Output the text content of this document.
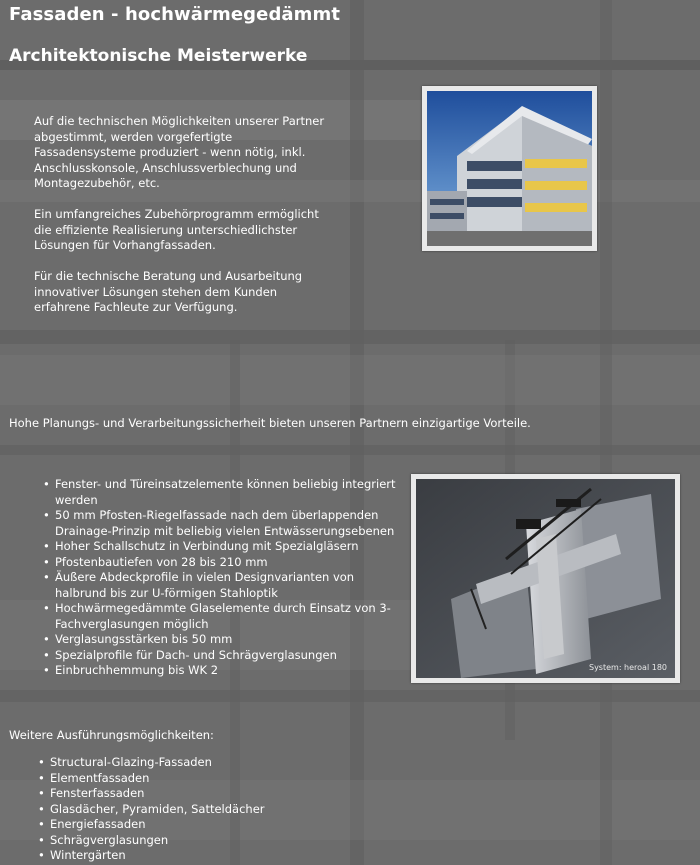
Fassaden - hochwärmegedämmt
Architektonische Meisterwerke

Auf die technischen Möglichkeiten unserer Partner abgestimmt, werden vorgefertigte Fassadensysteme produziert - wenn nötig, inkl. Anschlusskonsole, Anschlussverblechung und Montagezubehör, etc.

Ein umfangreiches Zubehörprogramm ermöglicht die effiziente Realisierung unterschiedlichster Lösungen für Vorhangfassaden.

Für die technische Beratung und Ausarbeitung innovativer Lösungen stehen dem Kunden erfahrene Fachleute zur Verfügung.

Hohe Planungs- und Verarbeitungssicherheit bieten unseren Partnern einzigartige Vorteile.
• Fenster- und Türeinsatzelemente können beliebig integriert werden
• 50 mm Pfosten-Riegelfassade nach dem überlappenden Drainage-Prinzip mit beliebig vielen Entwässerungsebenen
• Hoher Schallschutz in Verbindung mit Spezialgläsern
• Pfostenbautiefen von 28 bis 210 mm
• Äußere Abdeckprofile in vielen Designvarianten von halbrund bis zur U-förmigen Stahloptik
• Hochwärmegedämmte Glaselemente durch Einsatz von 3-Fachverglasungen möglich
• Verglasungsstärken bis 50 mm
• Spezialprofile für Dach- und Schrägverglasungen
• Einbruchhemmung bis WK 2	System: heroal 180
Weitere Ausführungsmöglichkeiten:
• Structural-Glazing-Fassaden
• Elementfassaden
• Fensterfassaden
• Glasdächer, Pyramiden, Satteldächer
• Energiefassaden
• Schrägverglasungen
• Wintergärten
